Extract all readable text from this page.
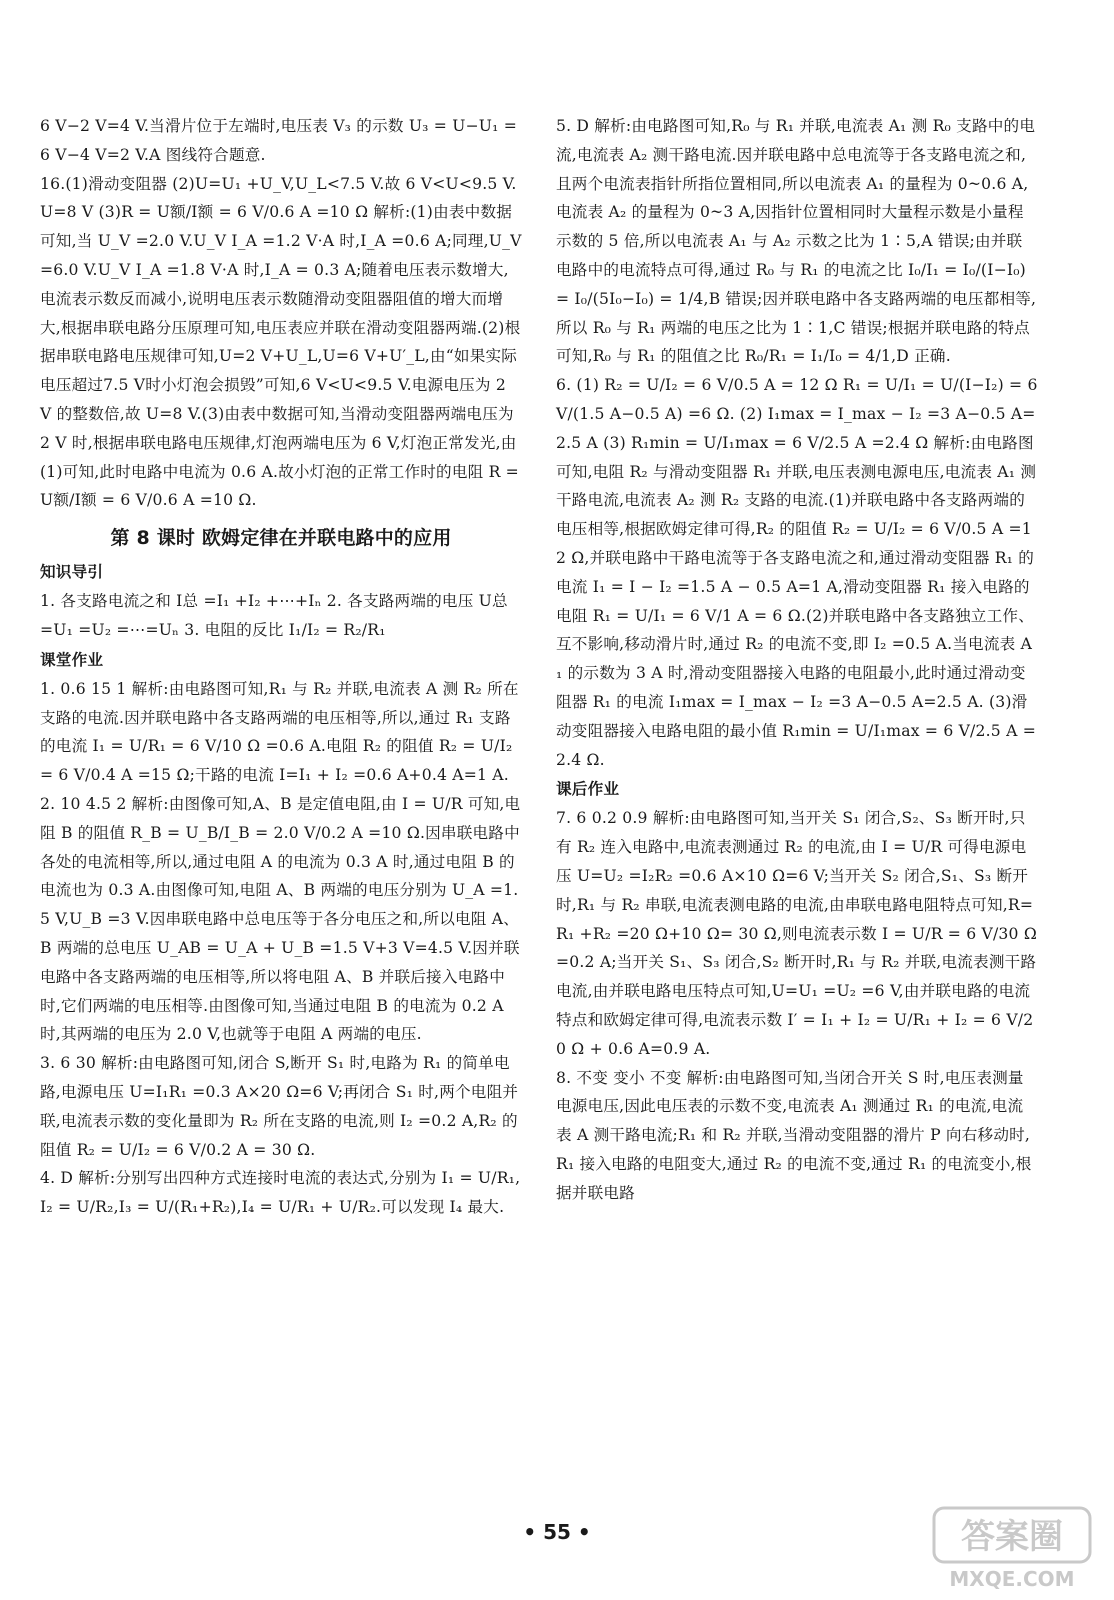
6 V−2 V=4 V.当滑片位于左端时,电压表 V₃ 的示数 U₃ = U−U₁ =6 V−4 V=2 V.A 图线符合题意.

16.(1)滑动变阻器 (2)U=U₁ +U_V,U_L<7.5 V.故 6 V<U<9.5 V.U=8 V (3)R = U额/I额 = 6 V/0.6 A =10 Ω 解析:(1)由表中数据可知,当 U_V =2.0 V.U_V I_A =1.2 V·A 时,I_A =0.6 A;同理,U_V =6.0 V.U_V I_A =1.8 V·A 时,I_A = 0.3 A;随着电压表示数增大,电流表示数反而减小,说明电压表示数随滑动变阻器阻值的增大而增大,根据串联电路分压原理可知,电压表应并联在滑动变阻器两端.(2)根据串联电路电压规律可知,U=2 V+U_L,U=6 V+U′_L,由“如果实际电压超过7.5 V时小灯泡会损毁”可知,6 V<U<9.5 V.电源电压为 2 V 的整数倍,故 U=8 V.(3)由表中数据可知,当滑动变阻器两端电压为 2 V 时,根据串联电路电压规律,灯泡两端电压为 6 V,灯泡正常发光,由(1)可知,此时电路中电流为 0.6 A.故小灯泡的正常工作时的电阻 R = U额/I额 = 6 V/0.6 A =10 Ω.

第 8 课时 欧姆定律在并联电路中的应用
知识导引

1. 各支路电流之和 I总 =I₁ +I₂ +⋯+Iₙ 2. 各支路两端的电压 U总 =U₁ =U₂ =⋯=Uₙ 3. 电阻的反比 I₁/I₂ = R₂/R₁

课堂作业

1. 0.6 15 1 解析:由电路图可知,R₁ 与 R₂ 并联,电流表 A 测 R₂ 所在支路的电流.因并联电路中各支路两端的电压相等,所以,通过 R₁ 支路的电流 I₁ = U/R₁ = 6 V/10 Ω =0.6 A.电阻 R₂ 的阻值 R₂ = U/I₂ = 6 V/0.4 A =15 Ω;干路的电流 I=I₁ + I₂ =0.6 A+0.4 A=1 A.

2. 10 4.5 2 解析:由图像可知,A、B 是定值电阻,由 I = U/R 可知,电阻 B 的阻值 R_B = U_B/I_B = 2.0 V/0.2 A =10 Ω.因串联电路中各处的电流相等,所以,通过电阻 A 的电流为 0.3 A 时,通过电阻 B 的电流也为 0.3 A.由图像可知,电阻 A、B 两端的电压分别为 U_A =1.5 V,U_B =3 V.因串联电路中总电压等于各分电压之和,所以电阻 A、B 两端的总电压 U_AB = U_A + U_B =1.5 V+3 V=4.5 V.因并联电路中各支路两端的电压相等,所以将电阻 A、B 并联后接入电路中时,它们两端的电压相等.由图像可知,当通过电阻 B 的电流为 0.2 A 时,其两端的电压为 2.0 V,也就等于电阻 A 两端的电压.

3. 6 30 解析:由电路图可知,闭合 S,断开 S₁ 时,电路为 R₁ 的简单电路,电源电压 U=I₁R₁ =0.3 A×20 Ω=6 V;再闭合 S₁ 时,两个电阻并联,电流表示数的变化量即为 R₂ 所在支路的电流,则 I₂ =0.2 A,R₂ 的阻值 R₂ = U/I₂ = 6 V/0.2 A = 30 Ω.

4. D 解析:分别写出四种方式连接时电流的表达式,分别为 I₁ = U/R₁,I₂ = U/R₂,I₃ = U/(R₁+R₂),I₄ = U/R₁ + U/R₂.可以发现 I₄ 最大.

5. D 解析:由电路图可知,R₀ 与 R₁ 并联,电流表 A₁ 测 R₀ 支路中的电流,电流表 A₂ 测干路电流.因并联电路中总电流等于各支路电流之和,且两个电流表指针所指位置相同,所以电流表 A₁ 的量程为 0~0.6 A,电流表 A₂ 的量程为 0~3 A,因指针位置相同时大量程示数是小量程示数的 5 倍,所以电流表 A₁ 与 A₂ 示数之比为 1∶5,A 错误;由并联电路中的电流特点可得,通过 R₀ 与 R₁ 的电流之比 I₀/I₁ = I₀/(I−I₀) = I₀/(5I₀−I₀) = 1/4,B 错误;因并联电路中各支路两端的电压都相等,所以 R₀ 与 R₁ 两端的电压之比为 1∶1,C 错误;根据并联电路的特点可知,R₀ 与 R₁ 的阻值之比 R₀/R₁ = I₁/I₀ = 4/1,D 正确.

6. (1) R₂ = U/I₂ = 6 V/0.5 A = 12 Ω R₁ = U/I₁ = U/(I−I₂) = 6 V/(1.5 A−0.5 A) =6 Ω. (2) I₁max = I_max − I₂ =3 A−0.5 A= 2.5 A (3) R₁min = U/I₁max = 6 V/2.5 A =2.4 Ω 解析:由电路图可知,电阻 R₂ 与滑动变阻器 R₁ 并联,电压表测电源电压,电流表 A₁ 测干路电流,电流表 A₂ 测 R₂ 支路的电流.(1)并联电路中各支路两端的电压相等,根据欧姆定律可得,R₂ 的阻值 R₂ = U/I₂ = 6 V/0.5 A =12 Ω,并联电路中干路电流等于各支路电流之和,通过滑动变阻器 R₁ 的电流 I₁ = I − I₂ =1.5 A − 0.5 A=1 A,滑动变阻器 R₁ 接入电路的电阻 R₁ = U/I₁ = 6 V/1 A = 6 Ω.(2)并联电路中各支路独立工作、互不影响,移动滑片时,通过 R₂ 的电流不变,即 I₂ =0.5 A.当电流表 A₁ 的示数为 3 A 时,滑动变阻器接入电路的电阻最小,此时通过滑动变阻器 R₁ 的电流 I₁max = I_max − I₂ =3 A−0.5 A=2.5 A. (3)滑动变阻器接入电路电阻的最小值 R₁min = U/I₁max = 6 V/2.5 A = 2.4 Ω.

课后作业

7. 6 0.2 0.9 解析:由电路图可知,当开关 S₁ 闭合,S₂、S₃ 断开时,只有 R₂ 连入电路中,电流表测通过 R₂ 的电流,由 I = U/R 可得电源电压 U=U₂ =I₂R₂ =0.6 A×10 Ω=6 V;当开关 S₂ 闭合,S₁、S₃ 断开时,R₁ 与 R₂ 串联,电流表测电路的电流,由串联电路电阻特点可知,R=R₁ +R₂ =20 Ω+10 Ω= 30 Ω,则电流表示数 I = U/R = 6 V/30 Ω =0.2 A;当开关 S₁、S₃ 闭合,S₂ 断开时,R₁ 与 R₂ 并联,电流表测干路电流,由并联电路电压特点可知,U=U₁ =U₂ =6 V,由并联电路的电流特点和欧姆定律可得,电流表示数 I′ = I₁ + I₂ = U/R₁ + I₂ = 6 V/20 Ω + 0.6 A=0.9 A.

8. 不变 变小 不变 解析:由电路图可知,当闭合开关 S 时,电压表测量电源电压,因此电压表的示数不变,电流表 A₁ 测通过 R₁ 的电流,电流表 A 测干路电流;R₁ 和 R₂ 并联,当滑动变阻器的滑片 P 向右移动时,R₁ 接入电路的电阻变大,通过 R₂ 的电流不变,通过 R₁ 的电流变小,根据并联电路

• 55 •	答案圈
MXQE.COM
